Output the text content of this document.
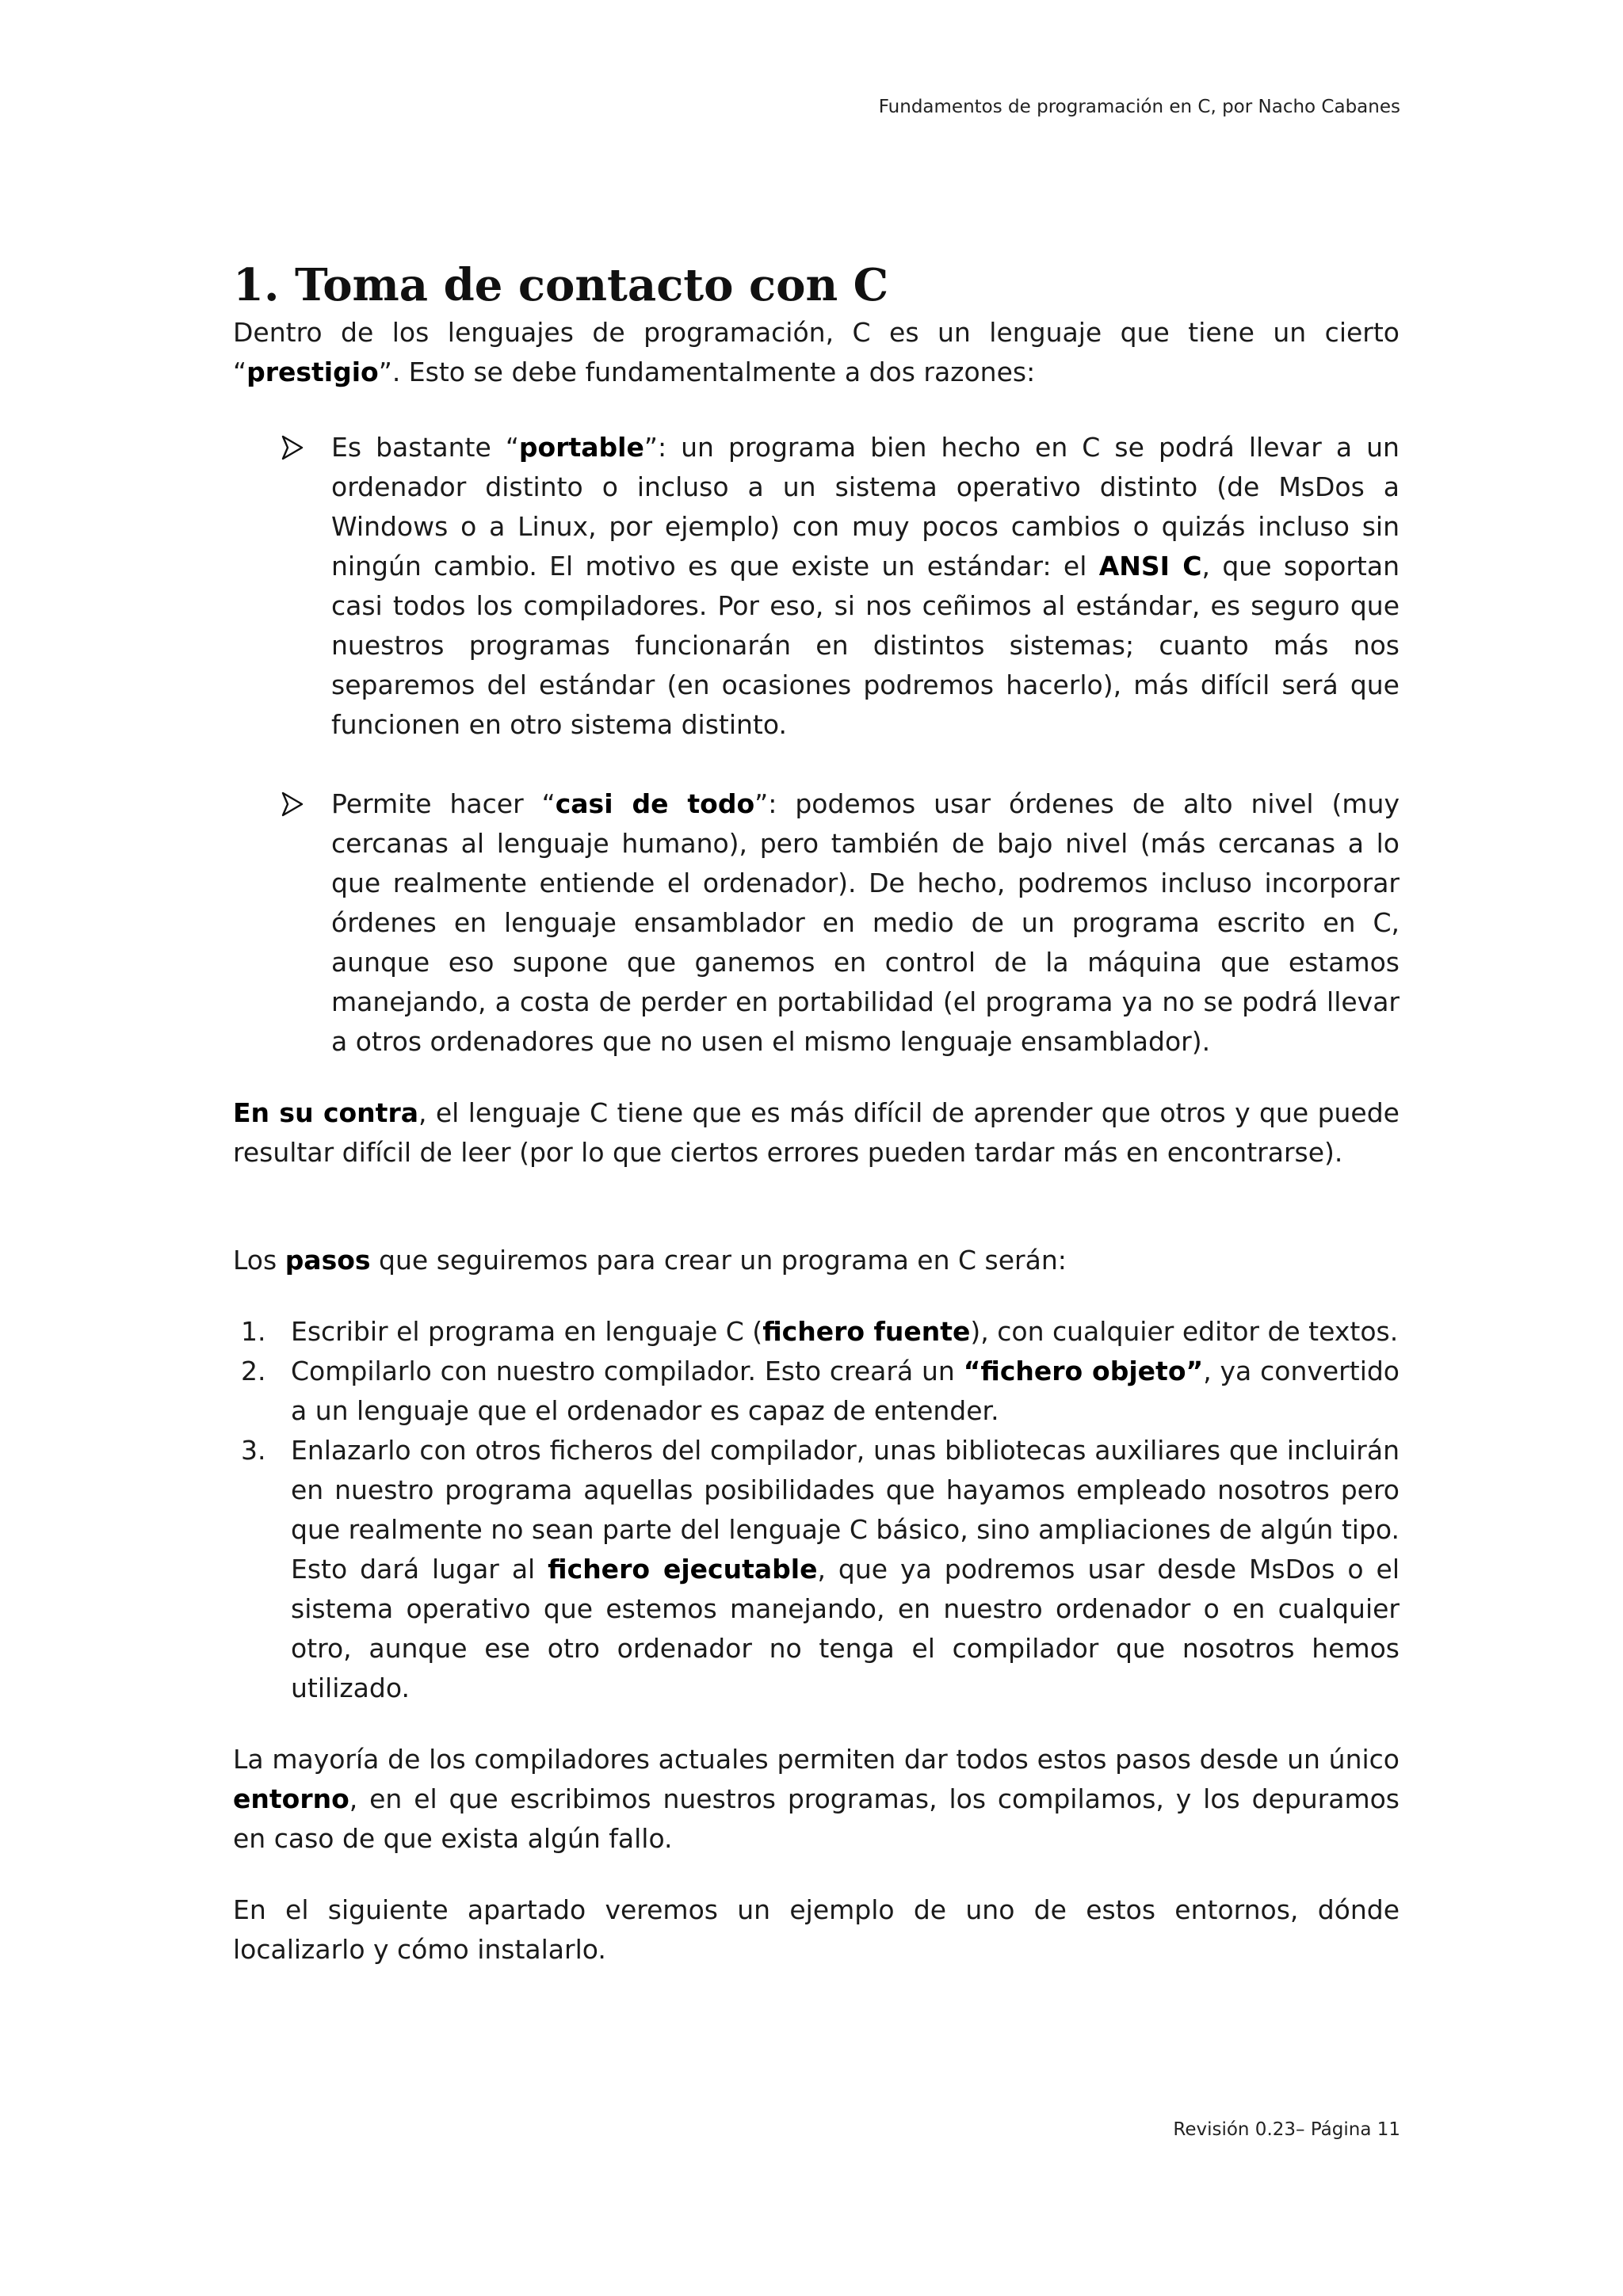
Fundamentos de programación en C, por Nacho Cabanes
1. Toma de contacto con C

Dentro de los lenguajes de programación, C es un lenguaje que tiene un cierto “prestigio”. Esto se debe fundamentalmente a dos razones:

Es bastante “portable”: un programa bien hecho en C se podrá llevar a un ordenador distinto o incluso a un sistema operativo distinto (de MsDos a Windows o a Linux, por ejemplo) con muy pocos cambios o quizás incluso sin ningún cambio. El motivo es que existe un estándar: el ANSI C, que soportan casi todos los compiladores. Por eso, si nos ceñimos al estándar, es seguro que nuestros programas funcionarán en distintos sistemas; cuanto más nos separemos del estándar (en ocasiones podremos hacerlo), más difícil será que funcionen en otro sistema distinto.

Permite hacer “casi de todo”: podemos usar órdenes de alto nivel (muy cercanas al lenguaje humano), pero también de bajo nivel (más cercanas a lo que realmente entiende el ordenador). De hecho, podremos incluso incorporar órdenes en lenguaje ensamblador en medio de un programa escrito en C, aunque eso supone que ganemos en control de la máquina que estamos manejando, a costa de perder en portabilidad (el programa ya no se podrá llevar a otros ordenadores que no usen el mismo lenguaje ensamblador).

En su contra, el lenguaje C tiene que es más difícil de aprender que otros y que puede resultar difícil de leer (por lo que ciertos errores pueden tardar más en encontrarse).

Los pasos que seguiremos para crear un programa en C serán:

1. Escribir el programa en lenguaje C (fichero fuente), con cualquier editor de textos.

2. Compilarlo con nuestro compilador. Esto creará un “fichero objeto”, ya convertido a un lenguaje que el ordenador es capaz de entender.

3. Enlazarlo con otros ficheros del compilador, unas bibliotecas auxiliares que incluirán en nuestro programa aquellas posibilidades que hayamos empleado nosotros pero que realmente no sean parte del lenguaje C básico, sino ampliaciones de algún tipo. Esto dará lugar al fichero ejecutable, que ya podremos usar desde MsDos o el sistema operativo que estemos manejando, en nuestro ordenador o en cualquier otro, aunque ese otro ordenador no tenga el compilador que nosotros hemos utilizado.

La mayoría de los compiladores actuales permiten dar todos estos pasos desde un único entorno, en el que escribimos nuestros programas, los compilamos, y los depuramos en caso de que exista algún fallo.

En el siguiente apartado veremos un ejemplo de uno de estos entornos, dónde localizarlo y cómo instalarlo.

Revisión 0.23– Página 11
